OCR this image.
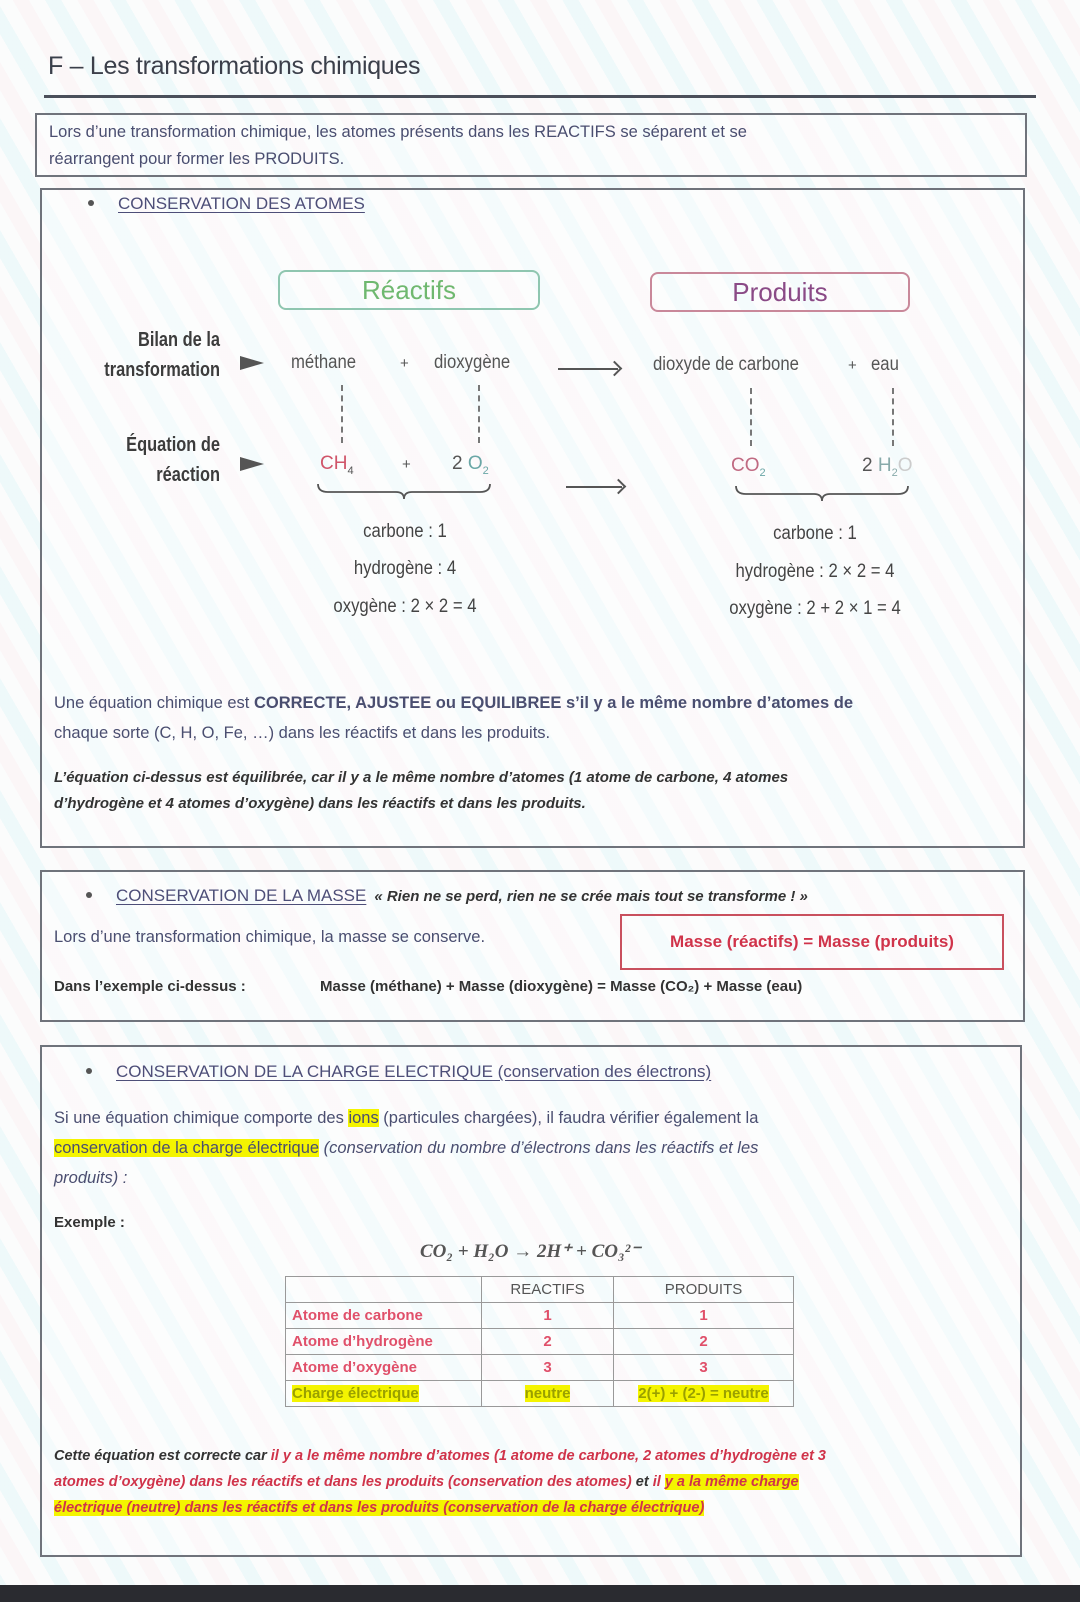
F – Les transformations chimiques
Lors d’une transformation chimique, les atomes présents dans les REACTIFS se séparent et se
réarrangent pour former les PRODUITS.
CONSERVATION DES ATOMES
Réactifs	Produits
Bilan de la
transformation
Équation de
réaction
méthane	+ dioxygène	dioxyde de carbone	+ eau
$CH_4$	+ 2 $O_2$	$CO_2$	2 $H_2O$
carbone : 1
hydrogène : 4
oxygène : 2 × 2 = 4
carbone : 1
hydrogène : 2 × 2 = 4
oxygène : 2 + 2 × 1 = 4
Une équation chimique est CORRECTE, AJUSTEE ou EQUILIBREE s’il y a le même nombre d’atomes de
chaque sorte (C, H, O, Fe, …) dans les réactifs et dans les produits.
L’équation ci-dessus est équilibrée, car il y a le même nombre d’atomes (1 atome de carbone, 4 atomes
d’hydrogène et 4 atomes d’oxygène) dans les réactifs et dans les produits.
CONSERVATION DE LA MASSE « Rien ne se perd, rien ne se crée mais tout se transforme ! »
Lors d’une transformation chimique, la masse se conserve.	Masse (réactifs) = Masse (produits)
Dans l’exemple ci-dessus :	Masse (méthane) + Masse (dioxygène) = Masse (CO₂) + Masse (eau)
CONSERVATION DE LA CHARGE ELECTRIQUE (conservation des électrons)
Si une équation chimique comporte des ions (particules chargées), il faudra vérifier également la
conservation de la charge électrique (conservation du nombre d’électrons dans les réactifs et les
produits) :
Exemple :
CO₂ + H₂O → 2H⁺ + CO₃²⁻
	REACTIFS	PRODUITS
Atome de carbone	1	1
Atome d’hydrogène	2	2
Atome d’oxygène	3	3
Charge électrique	neutre	2(+) + (2-) = neutre
Cette équation est correcte car il y a le même nombre d’atomes (1 atome de carbone, 2 atomes d’hydrogène et 3
atomes d’oxygène) dans les réactifs et dans les produits (conservation des atomes) et il y a la même charge
électrique (neutre) dans les réactifs et dans les produits (conservation de la charge électrique)
